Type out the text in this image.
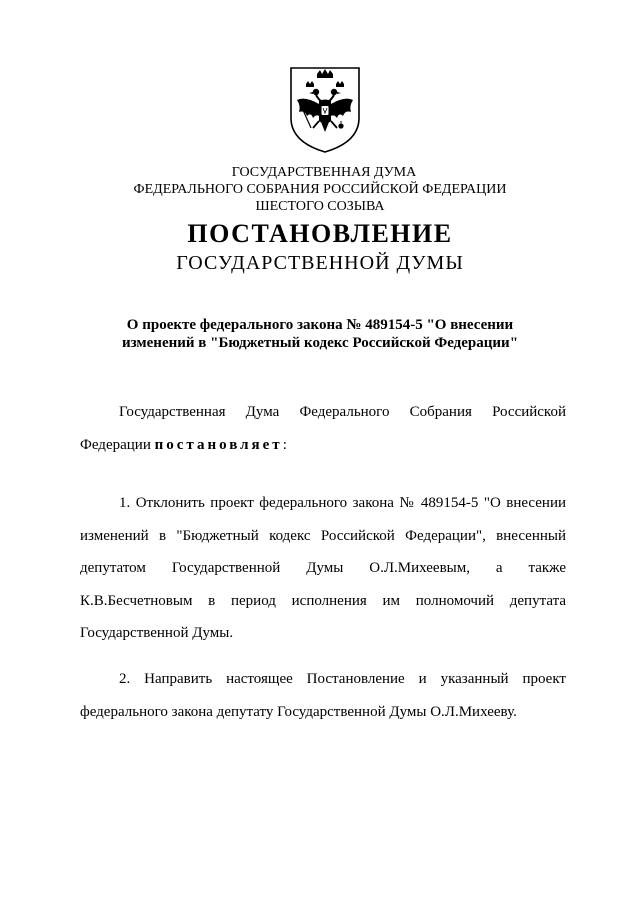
ГОСУДАРСТВЕННАЯ ДУМА
ФЕДЕРАЛЬНОГО СОБРАНИЯ РОССИЙСКОЙ ФЕДЕРАЦИИ
ШЕСТОГО СОЗЫВА
ПОСТАНОВЛЕНИЕ
ГОСУДАРСТВЕННОЙ ДУМЫ
О проекте федерального закона № 489154-5 "О внесении
изменений в "Бюджетный кодекс Российской Федерации"

Государственная Дума Федерального Собрания Российской Федерации постановляет:

1. Отклонить проект федерального закона № 489154-5 "О внесении изменений в "Бюджетный кодекс Российской Федерации", внесенный депутатом Государственной Думы О.Л.Михеевым, а также К.В.Бесчетновым в период исполнения им полномочий депутата Государственной Думы.

2. Направить настоящее Постановление и указанный проект федерального закона депутату Государственной Думы О.Л.Михееву.
